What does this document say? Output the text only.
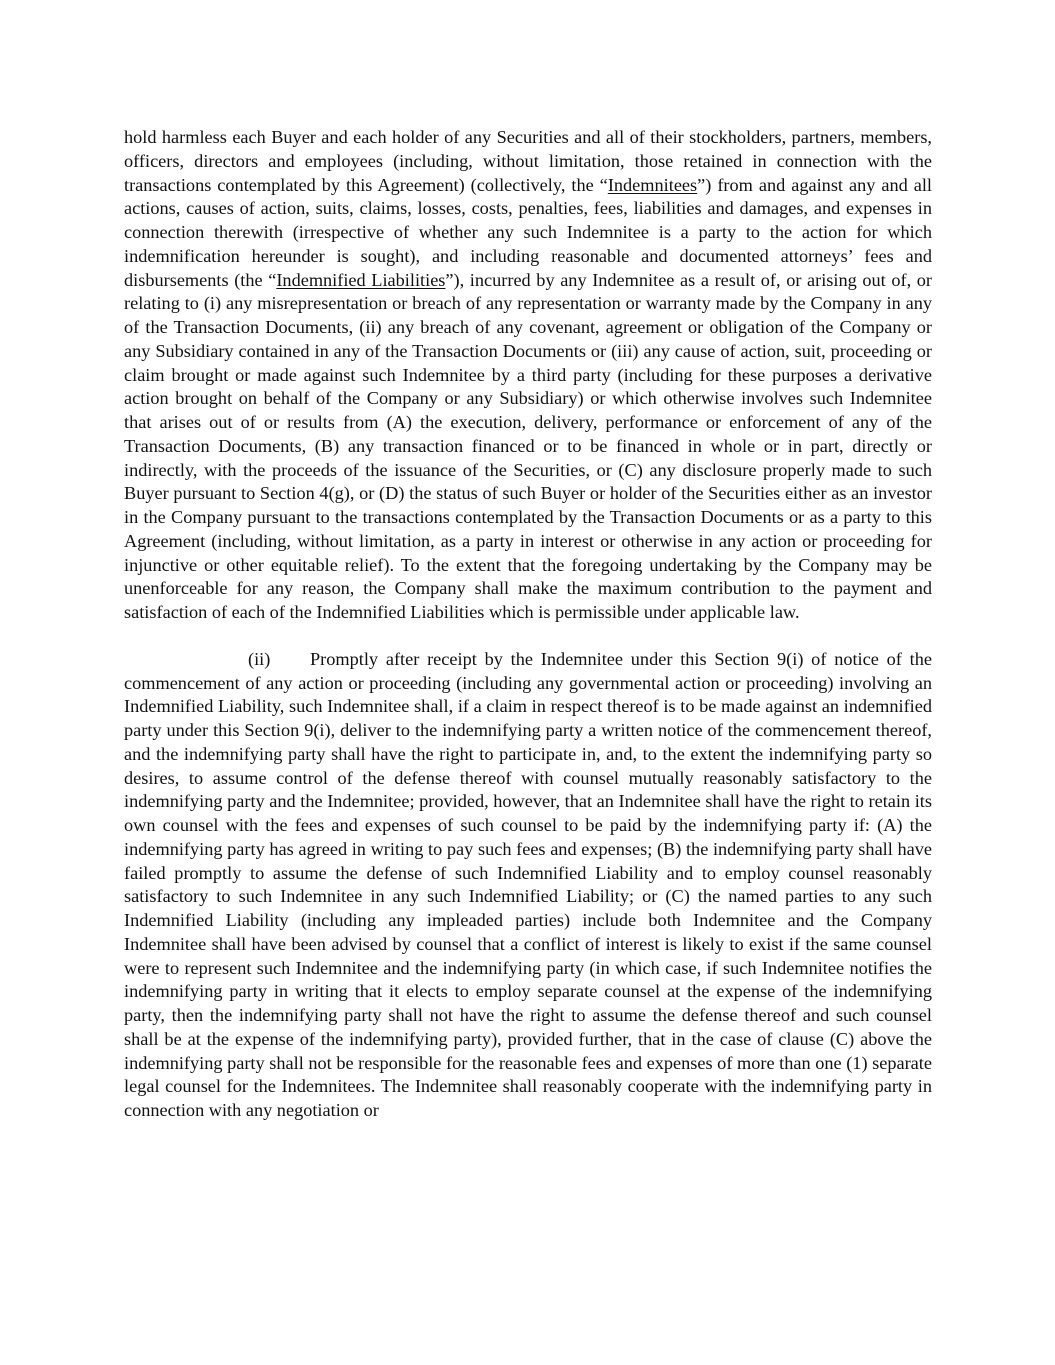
hold harmless each Buyer and each holder of any Securities and all of their stockholders, partners, members, officers, directors and employees (including, without limitation, those retained in connection with the transactions contemplated by this Agreement) (collectively, the “Indemnitees”) from and against any and all actions, causes of action, suits, claims, losses, costs, penalties, fees, liabilities and damages, and expenses in connection therewith (irrespective of whether any such Indemnitee is a party to the action for which indemnification hereunder is sought), and including reasonable and documented attorneys’ fees and disbursements (the “Indemnified Liabilities”), incurred by any Indemnitee as a result of, or arising out of, or relating to (i) any misrepresentation or breach of any representation or warranty made by the Company in any of the Transaction Documents, (ii) any breach of any covenant, agreement or obligation of the Company or any Subsidiary contained in any of the Transaction Documents or (iii) any cause of action, suit, proceeding or claim brought or made against such Indemnitee by a third party (including for these purposes a derivative action brought on behalf of the Company or any Subsidiary) or which otherwise involves such Indemnitee that arises out of or results from (A) the execution, delivery, performance or enforcement of any of the Transaction Documents, (B) any transaction financed or to be financed in whole or in part, directly or indirectly, with the proceeds of the issuance of the Securities, or (C) any disclosure properly made to such Buyer pursuant to Section 4(g), or (D) the status of such Buyer or holder of the Securities either as an investor in the Company pursuant to the transactions contemplated by the Transaction Documents or as a party to this Agreement (including, without limitation, as a party in interest or otherwise in any action or proceeding for injunctive or other equitable relief). To the extent that the foregoing undertaking by the Company may be unenforceable for any reason, the Company shall make the maximum contribution to the payment and satisfaction of each of the Indemnified Liabilities which is permissible under applicable law.

(ii) Promptly after receipt by the Indemnitee under this Section 9(i) of notice of the commencement of any action or proceeding (including any governmental action or proceeding) involving an Indemnified Liability, such Indemnitee shall, if a claim in respect thereof is to be made against an indemnified party under this Section 9(i), deliver to the indemnifying party a written notice of the commencement thereof, and the indemnifying party shall have the right to participate in, and, to the extent the indemnifying party so desires, to assume control of the defense thereof with counsel mutually reasonably satisfactory to the indemnifying party and the Indemnitee; provided, however, that an Indemnitee shall have the right to retain its own counsel with the fees and expenses of such counsel to be paid by the indemnifying party if: (A) the indemnifying party has agreed in writing to pay such fees and expenses; (B) the indemnifying party shall have failed promptly to assume the defense of such Indemnified Liability and to employ counsel reasonably satisfactory to such Indemnitee in any such Indemnified Liability; or (C) the named parties to any such Indemnified Liability (including any impleaded parties) include both Indemnitee and the Company Indemnitee shall have been advised by counsel that a conflict of interest is likely to exist if the same counsel were to represent such Indemnitee and the indemnifying party (in which case, if such Indemnitee notifies the indemnifying party in writing that it elects to employ separate counsel at the expense of the indemnifying party, then the indemnifying party shall not have the right to assume the defense thereof and such counsel shall be at the expense of the indemnifying party), provided further, that in the case of clause (C) above the indemnifying party shall not be responsible for the reasonable fees and expenses of more than one (1) separate legal counsel for the Indemnitees. The Indemnitee shall reasonably cooperate with the indemnifying party in connection with any negotiation or
